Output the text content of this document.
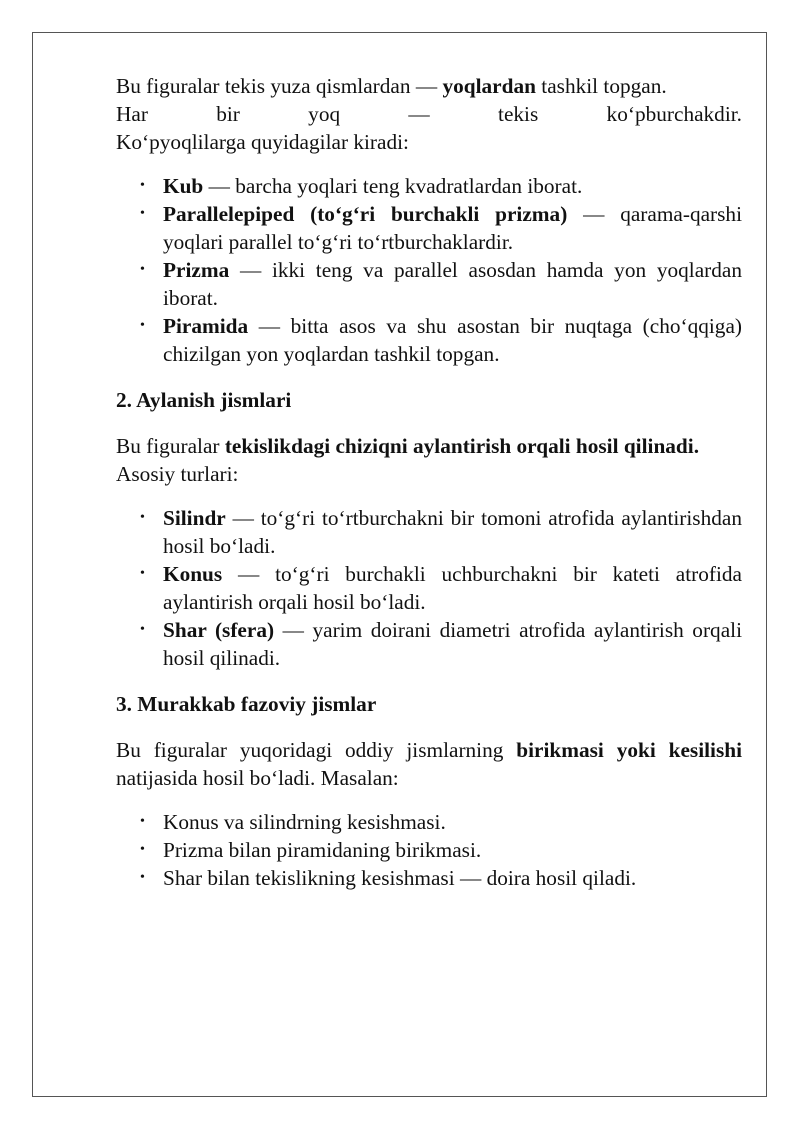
Bu figuralar tekis yuza qismlardan — yoqlardan tashkil topgan.

Har bir yoq — tekis ko‘pburchakdir.

Ko‘pyoqlilarga quyidagilar kiradi:

• Kub — barcha yoqlari teng kvadratlardan iborat.
• Parallelepiped (to‘g‘ri burchakli prizma) — qarama-qarshi yoqlari parallel to‘g‘ri to‘rtburchaklardir.
• Prizma — ikki teng va parallel asosdan hamda yon yoqlardan iborat.
• Piramida — bitta asos va shu asostan bir nuqtaga (cho‘qqiga) chizilgan yon yoqlardan tashkil topgan.
2. Aylanish jismlari

Bu figuralar tekislikdagi chiziqni aylantirish orqali hosil qilinadi.

Asosiy turlari:

• Silindr — to‘g‘ri to‘rtburchakni bir tomoni atrofida aylantirishdan hosil bo‘ladi.
• Konus — to‘g‘ri burchakli uchburchakni bir kateti atrofida aylantirish orqali hosil bo‘ladi.
• Shar (sfera) — yarim doirani diametri atrofida aylantirish orqali hosil qilinadi.
3. Murakkab fazoviy jismlar

Bu figuralar yuqoridagi oddiy jismlarning birikmasi yoki kesilishi natijasida hosil bo‘ladi. Masalan:

• Konus va silindrning kesishmasi.
• Prizma bilan piramidaning birikmasi.
• Shar bilan tekislikning kesishmasi — doira hosil qiladi.
